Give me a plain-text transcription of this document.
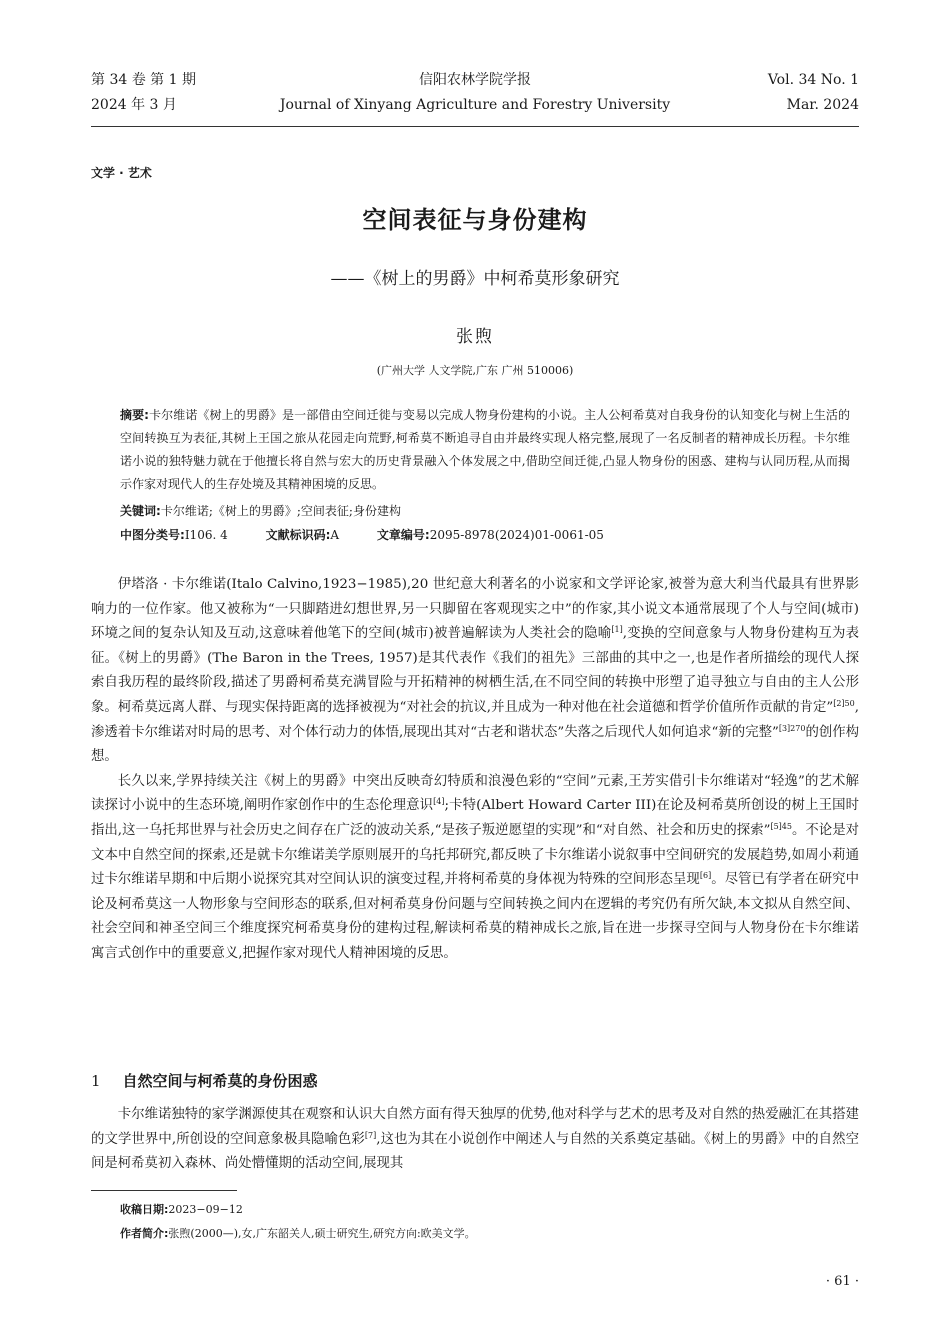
第 34 卷 第 1 期
2024 年 3 月
信阳农林学院学报
Journal of Xinyang Agriculture and Forestry University
Vol. 34 No. 1
Mar. 2024
文学 · 艺术
空间表征与身份建构
——《树上的男爵》中柯希莫形象研究
张煦
(广州大学 人文学院,广东 广州 510006)
摘要:卡尔维诺《树上的男爵》是一部借由空间迁徙与变易以完成人物身份建构的小说。主人公柯希莫对自我身份的认知变化与树上生活的空间转换互为表征,其树上王国之旅从花园走向荒野,柯希莫不断追寻自由并最终实现人格完整,展现了一名反制者的精神成长历程。卡尔维诺小说的独特魅力就在于他擅长将自然与宏大的历史背景融入个体发展之中,借助空间迁徙,凸显人物身份的困惑、建构与认同历程,从而揭示作家对现代人的生存处境及其精神困境的反思。
关键词:卡尔维诺;《树上的男爵》;空间表征;身份建构
中图分类号:I106. 4	文献标识码:A	文章编号:2095-8978(2024)01-0061-05

伊塔洛 · 卡尔维诺(Italo Calvino,1923−1985),20 世纪意大利著名的小说家和文学评论家,被誉为意大利当代最具有世界影响力的一位作家。他又被称为“一只脚踏进幻想世界,另一只脚留在客观现实之中”的作家,其小说文本通常展现了个人与空间(城市)环境之间的复杂认知及互动,这意味着他笔下的空间(城市)被普遍解读为人类社会的隐喻[1],变换的空间意象与人物身份建构互为表征。《树上的男爵》(The Baron in the Trees, 1957)是其代表作《我们的祖先》三部曲的其中之一,也是作者所描绘的现代人探索自我历程的最终阶段,描述了男爵柯希莫充满冒险与开拓精神的树栖生活,在不同空间的转换中形塑了追寻独立与自由的主人公形象。柯希莫远离人群、与现实保持距离的选择被视为“对社会的抗议,并且成为一种对他在社会道德和哲学价值所作贡献的肯定”$^{[2]50}$,渗透着卡尔维诺对时局的思考、对个体行动力的体悟,展现出其对“古老和谐状态”失落之后现代人如何追求“新的完整”$^{[3]270}$的创作构想。

长久以来,学界持续关注《树上的男爵》中突出反映奇幻特质和浪漫色彩的“空间”元素,王芳实借引卡尔维诺对“轻逸”的艺术解读探讨小说中的生态环境,阐明作家创作中的生态伦理意识[4];卡特(Albert Howard Carter III)在论及柯希莫所创设的树上王国时指出,这一乌托邦世界与社会历史之间存在广泛的波动关系,“是孩子叛逆愿望的实现”和“对自然、社会和历史的探索”$^{[5]45}$。不论是对文本中自然空间的探索,还是就卡尔维诺美学原则展开的乌托邦研究,都反映了卡尔维诺小说叙事中空间研究的发展趋势,如周小莉通过卡尔维诺早期和中后期小说探究其对空间认识的演变过程,并将柯希莫的身体视为特殊的空间形态呈现[6]。尽管已有学者在研究中论及柯希莫这一人物形象与空间形态的联系,但对柯希莫身份问题与空间转换之间内在逻辑的考究仍有所欠缺,本文拟从自然空间、社会空间和神圣空间三个维度探究柯希莫身份的建构过程,解读柯希莫的精神成长之旅,旨在进一步探寻空间与人物身份在卡尔维诺寓言式创作中的重要意义,把握作家对现代人精神困境的反思。

1 自然空间与柯希莫的身份困惑

卡尔维诺独特的家学渊源使其在观察和认识大自然方面有得天独厚的优势,他对科学与艺术的思考及对自然的热爱融汇在其搭建的文学世界中,所创设的空间意象极具隐喻色彩[7],这也为其在小说创作中阐述人与自然的关系奠定基础。《树上的男爵》中的自然空间是柯希莫初入森林、尚处懵懂期的活动空间,展现其

收稿日期:2023−09−12
作者简介:张煦(2000—),女,广东韶关人,硕士研究生,研究方向:欧美文学。
· 61 ·
